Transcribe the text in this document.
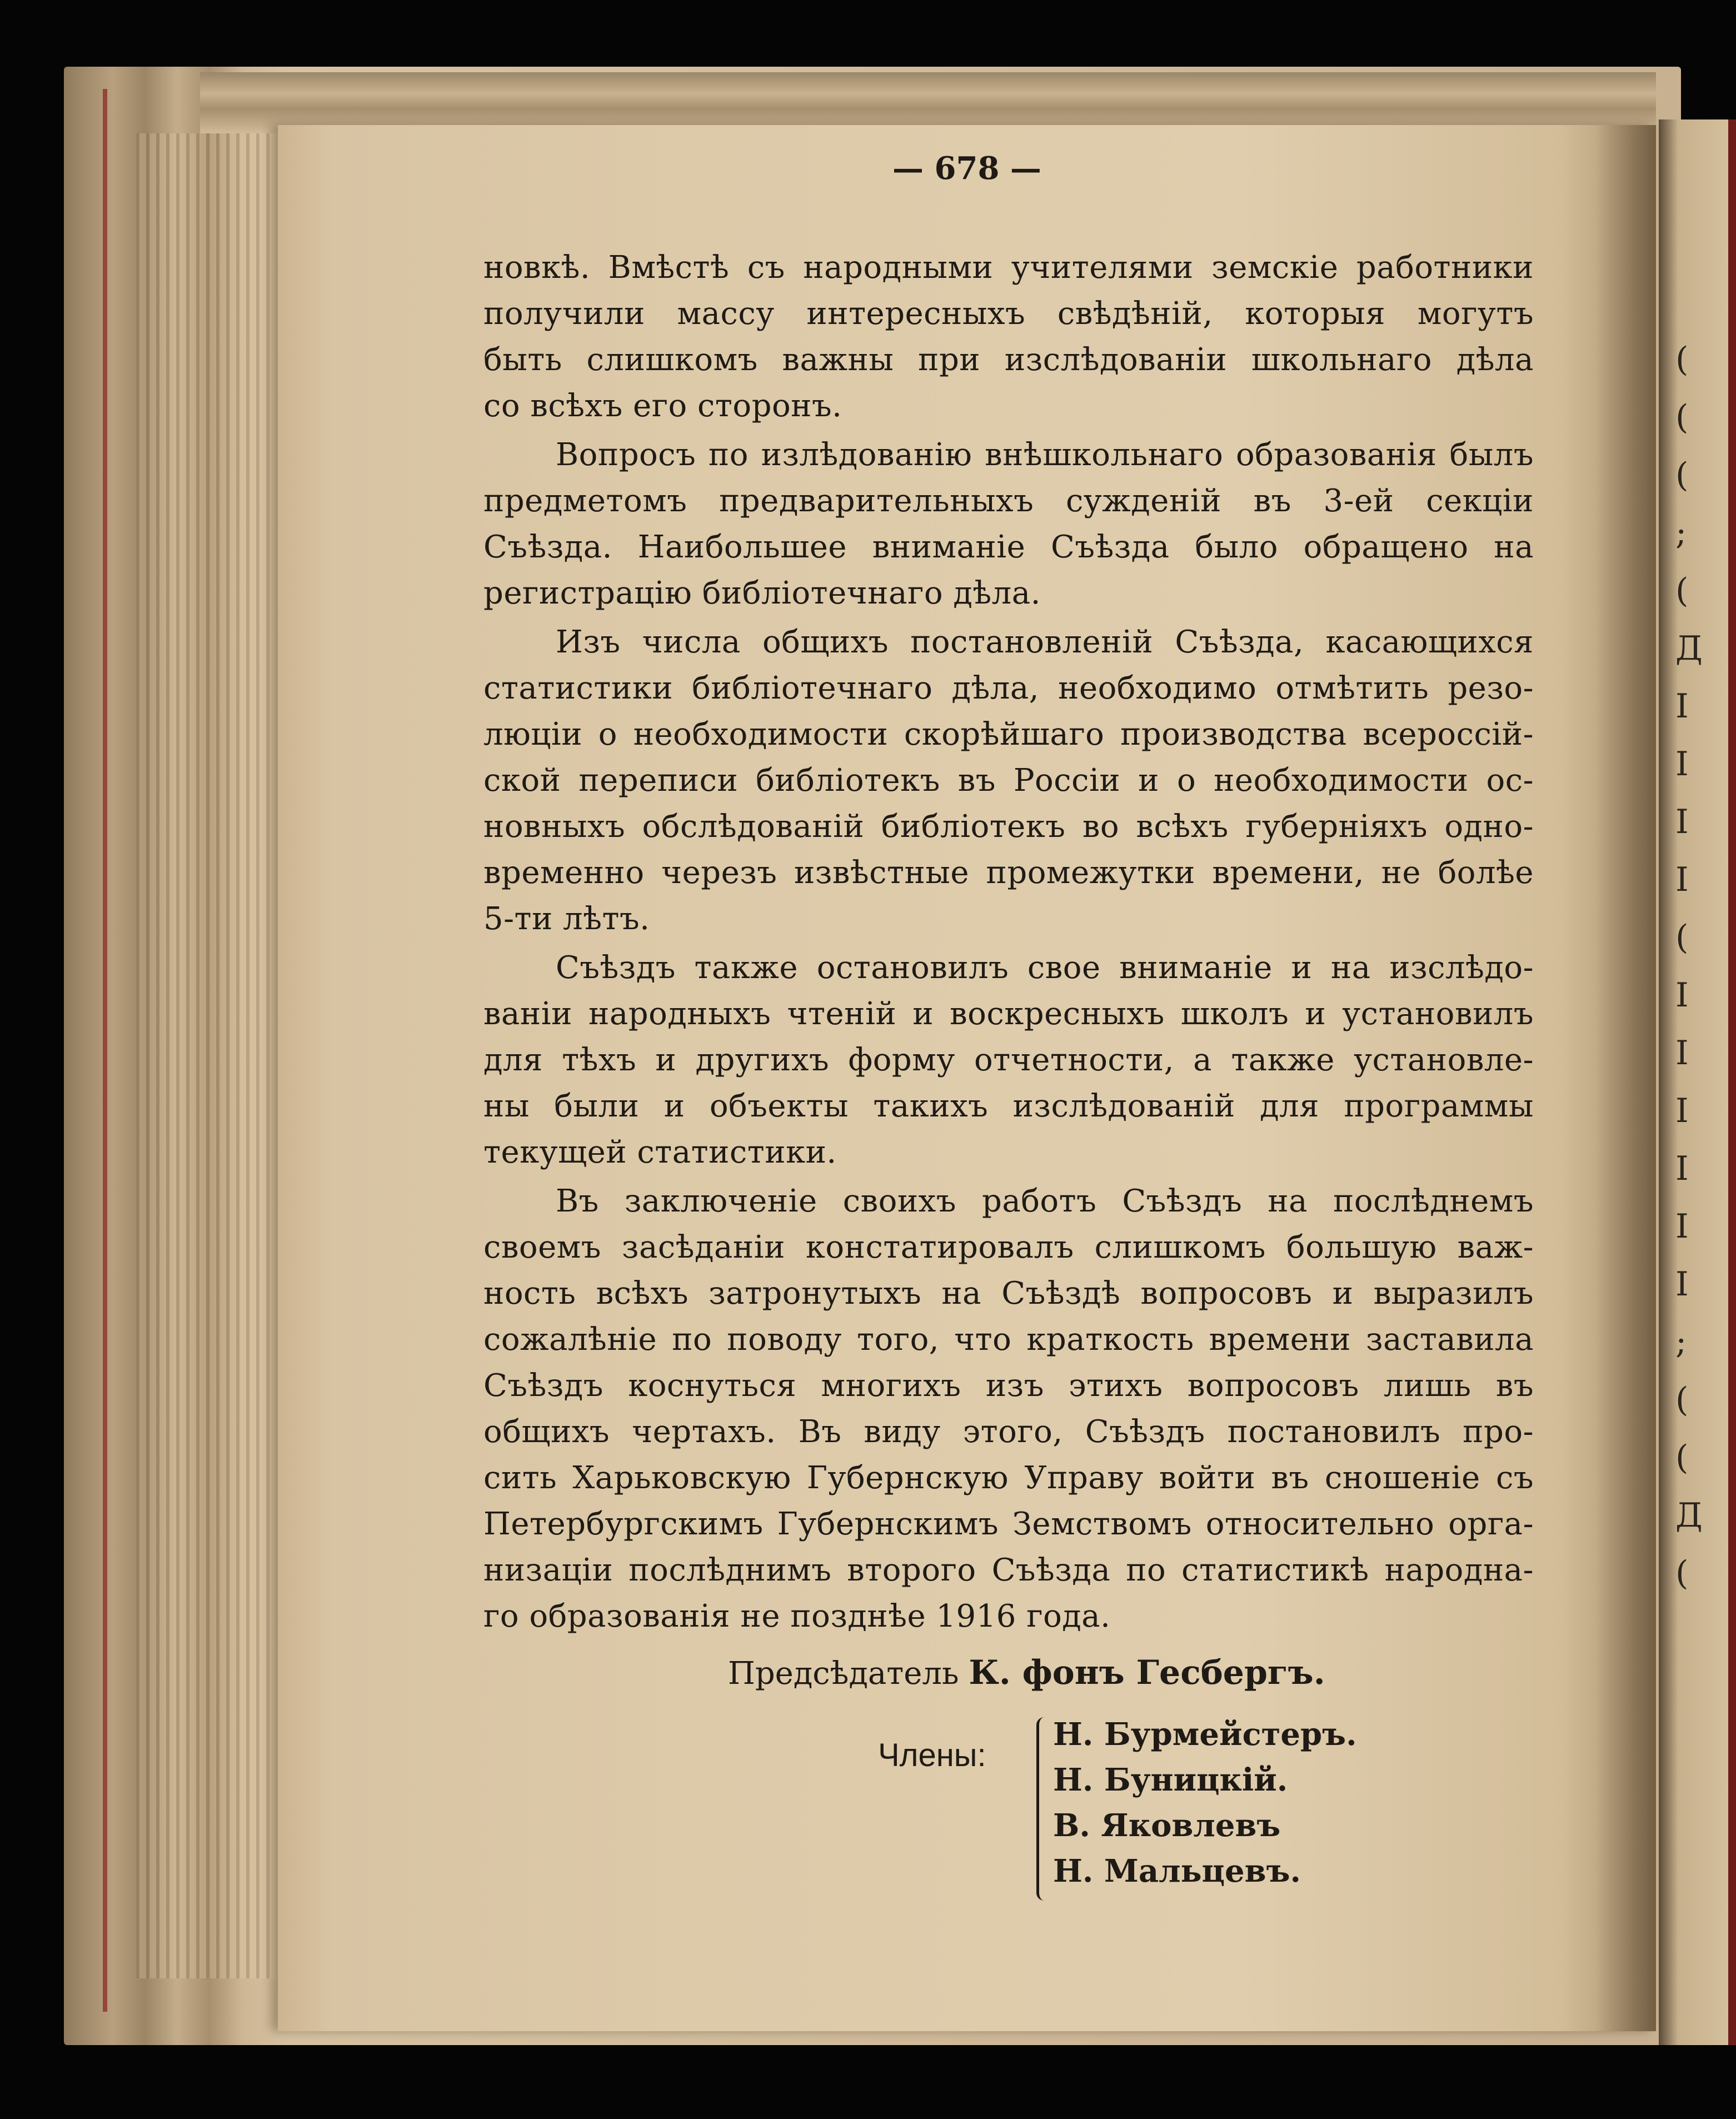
(
(
(
;
(
Д
І
І
І
І
(
І
І
І
І
І
І
;
(
(
Д
(
— 678 —
новкѣ. Вмѣстѣ съ народными учителями земскiе работники
получили массу интересныхъ свѣдѣнiй, которыя могутъ
быть слишкомъ важны при изслѣдованiи школьнаго дѣла
со всѣхъ его сторонъ.
Вопросъ по излѣдованiю внѣшкольнаго образованiя былъ
предметомъ предварительныхъ сужденiй въ 3-ей секцiи
Съѣзда. Наибольшее вниманiе Съѣзда было обращено на
регистрацiю библiотечнаго дѣла.
Изъ числа общихъ постановленiй Съѣзда, касающихся
статистики библiотечнаго дѣла, необходимо отмѣтить резо-
люцiи о необходимости скорѣйшаго производства всероссiй-
ской переписи библiотекъ въ Россiи и о необходимости ос-
новныхъ обслѣдованiй библiотекъ во всѣхъ губернiяхъ одно-
временно черезъ извѣстные промежутки времени, не болѣе
5-ти лѣтъ.
Съѣздъ также остановилъ свое вниманiе и на изслѣдо-
ванiи народныхъ чтенiй и воскресныхъ школъ и установилъ
для тѣхъ и другихъ форму отчетности, а также установле-
ны были и объекты такихъ изслѣдованiй для программы
текущей статистики.
Въ заключенiе своихъ работъ Съѣздъ на послѣднемъ
своемъ засѣданiи констатировалъ слишкомъ большую важ-
ность всѣхъ затронутыхъ на Съѣздѣ вопросовъ и выразилъ
сожалѣнiе по поводу того, что краткость времени заставила
Съѣздъ коснуться многихъ изъ этихъ вопросовъ лишь въ
общихъ чертахъ. Въ виду этого, Съѣздъ постановилъ про-
сить Харьковскую Губернскую Управу войти въ сношенiе съ
Петербургскимъ Губернскимъ Земствомъ относительно орга-
низацiи послѣднимъ второго Съѣзда по статистикѣ народна-
го образованiя не позднѣе 1916 года.
Предсѣдатель К. фонъ Гесбергъ.
Члены:
Н. Бурмейстеръ.
Н. Буницкiй.
В. Яковлевъ
Н. Мальцевъ.
